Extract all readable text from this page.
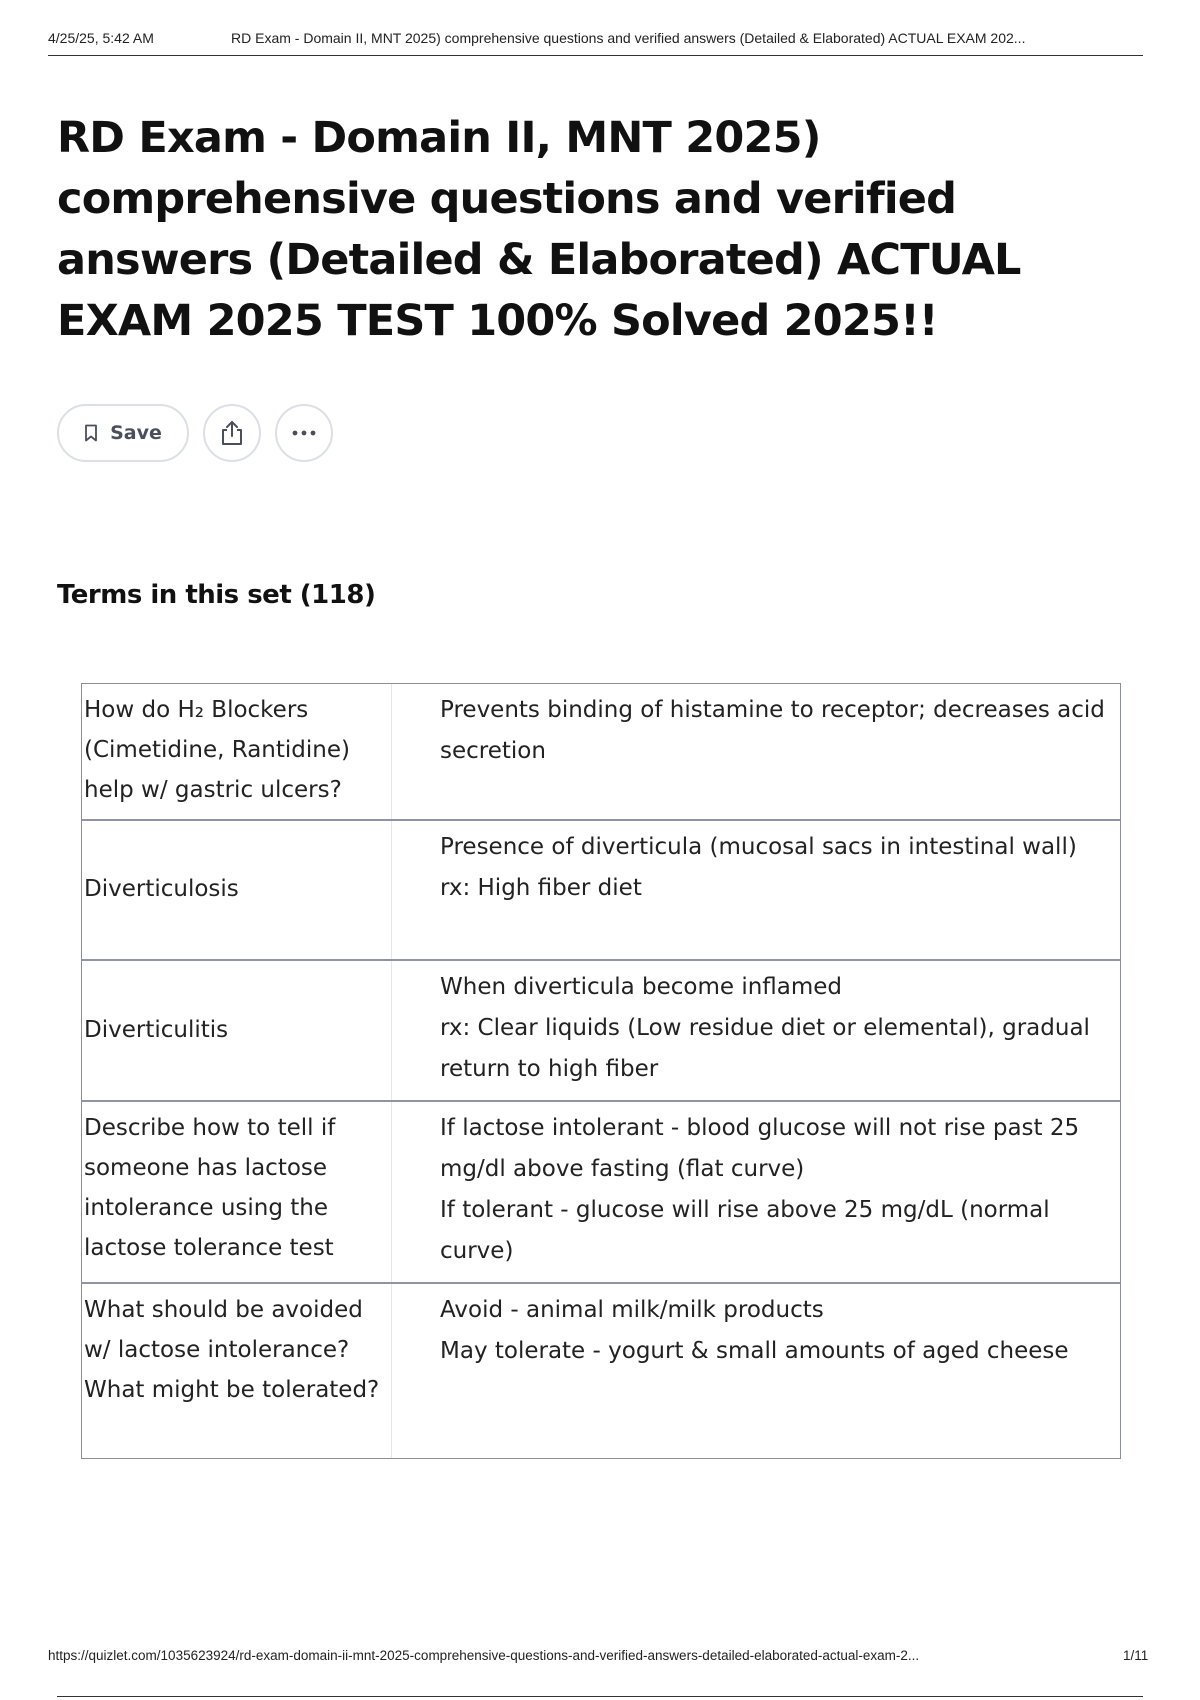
4/25/25, 5:42 AM	RD Exam - Domain II, MNT 2025) comprehensive questions and verified answers (Detailed & Elaborated) ACTUAL EXAM 202...
RD Exam - Domain II, MNT 2025) comprehensive questions and verified answers (Detailed & Elaborated) ACTUAL EXAM 2025 TEST 100% Solved 2025!!
Save
Terms in this set (118)
How do H₂ Blockers (Cimetidine, Rantidine) help w/ gastric ulcers?
Prevents binding of histamine to receptor; decreases acid secretion
Diverticulosis
Presence of diverticula (mucosal sacs in intestinal wall)
rx: High fiber diet
Diverticulitis
When diverticula become inflamed
rx: Clear liquids (Low residue diet or elemental), gradual return to high fiber
Describe how to tell if someone has lactose intolerance using the lactose tolerance test
If lactose intolerant - blood glucose will not rise past 25 mg/dl above fasting (flat curve)
If tolerant - glucose will rise above 25 mg/dL (normal curve)
What should be avoided w/ lactose intolerance? What might be tolerated?
Avoid - animal milk/milk products
May tolerate - yogurt & small amounts of aged cheese
https://quizlet.com/1035623924/rd-exam-domain-ii-mnt-2025-comprehensive-questions-and-verified-answers-detailed-elaborated-actual-exam-2...	1/11
